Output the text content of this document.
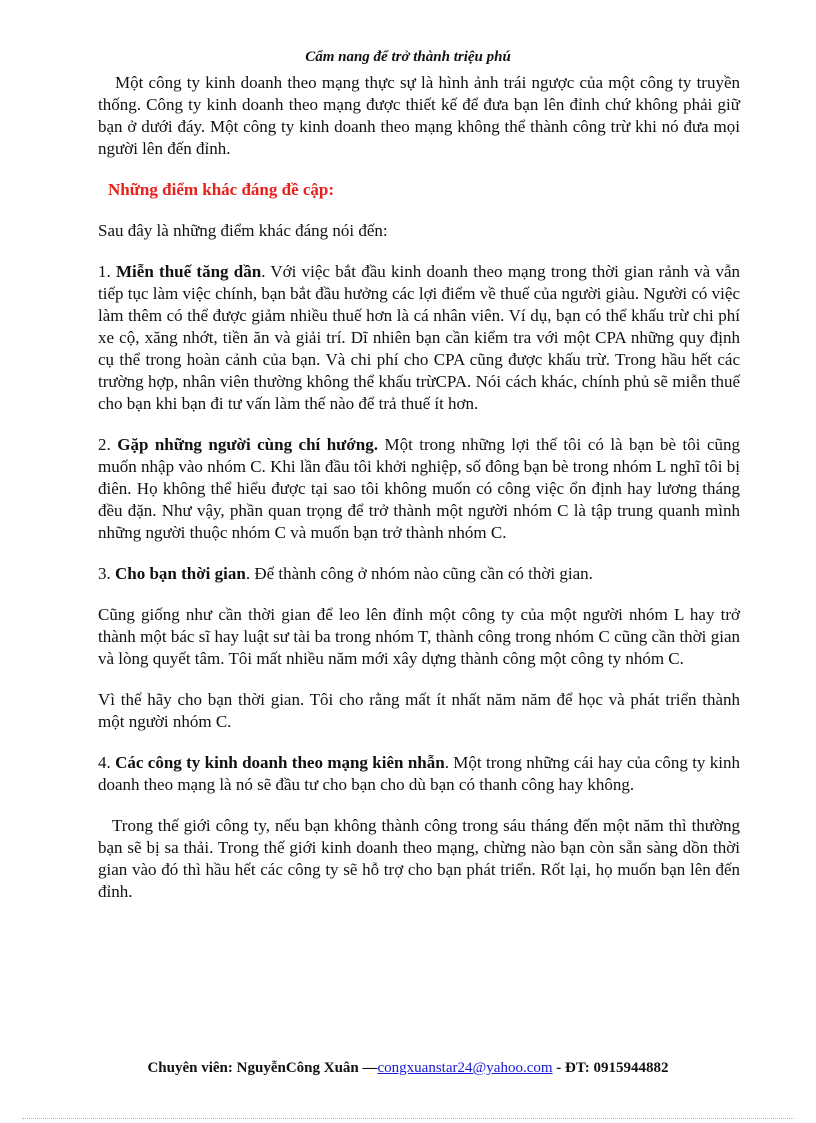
Cẩm nang để trở thành triệu phú

Một công ty kinh doanh theo mạng thực sự là hình ảnh trái ngược của một công ty truyền thống. Công ty kinh doanh theo mạng được thiết kế để đưa bạn lên đỉnh chứ không phải giữ bạn ở dưới đáy. Một công ty kinh doanh theo mạng không thể thành công trừ khi nó đưa mọi người lên đến đỉnh.

Những điểm khác đáng đề cập:

Sau đây là những điểm khác đáng nói đến:

1. Miễn thuế tăng dần. Với việc bắt đầu kinh doanh theo mạng trong thời gian rảnh và vẫn tiếp tục làm việc chính, bạn bắt đầu hưởng các lợi điểm về thuế của người giàu. Người có việc làm thêm có thể được giảm nhiều thuế hơn là cá nhân viên. Ví dụ, bạn có thể khấu trừ chi phí xe cộ, xăng nhớt, tiền ăn và giải trí. Dĩ nhiên bạn cần kiểm tra với một CPA những quy định cụ thể trong hoàn cảnh của bạn. Và chi phí cho CPA cũng được khấu trừ. Trong hầu hết các trường hợp, nhân viên thường không thể khấu trừCPA. Nói cách khác, chính phủ sẽ miễn thuế cho bạn khi bạn đi tư vấn làm thế nào để trả thuế ít hơn.

2. Gặp những người cùng chí hướng. Một trong những lợi thế tôi có là bạn bè tôi cũng muốn nhập vào nhóm C. Khi lần đầu tôi khởi nghiệp, số đông bạn bè trong nhóm L nghĩ tôi bị điên. Họ không thể hiểu được tại sao tôi không muốn có công việc ổn định hay lương tháng đều đặn. Như vậy, phần quan trọng để trở thành một người nhóm C là tập trung quanh mình những người thuộc nhóm C và muốn bạn trở thành nhóm C.

3. Cho bạn thời gian. Để thành công ở nhóm nào cũng cần có thời gian.

Cũng giống như cần thời gian để leo lên đỉnh một công ty của một người nhóm L hay trở thành một bác sĩ hay luật sư tài ba trong nhóm T, thành công trong nhóm C cũng cần thời gian và lòng quyết tâm. Tôi mất nhiều năm mới xây dựng thành công một công ty nhóm C.

Vì thế hãy cho bạn thời gian. Tôi cho rằng mất ít nhất năm năm để học và phát triển thành một người nhóm C.

4. Các công ty kinh doanh theo mạng kiên nhẫn. Một trong những cái hay của công ty kinh doanh theo mạng là nó sẽ đầu tư cho bạn cho dù bạn có thanh công hay không.

Trong thế giới công ty, nếu bạn không thành công trong sáu tháng đến một năm thì thường bạn sẽ bị sa thải. Trong thế giới kinh doanh theo mạng, chừng nào bạn còn sẵn sàng dồn thời gian vào đó thì hầu hết các công ty sẽ hỗ trợ cho bạn phát triển. Rốt lại, họ muốn bạn lên đến đỉnh.

Chuyên viên: NguyễnCông Xuân —congxuanstar24@yahoo.com - ĐT: 0915944882
